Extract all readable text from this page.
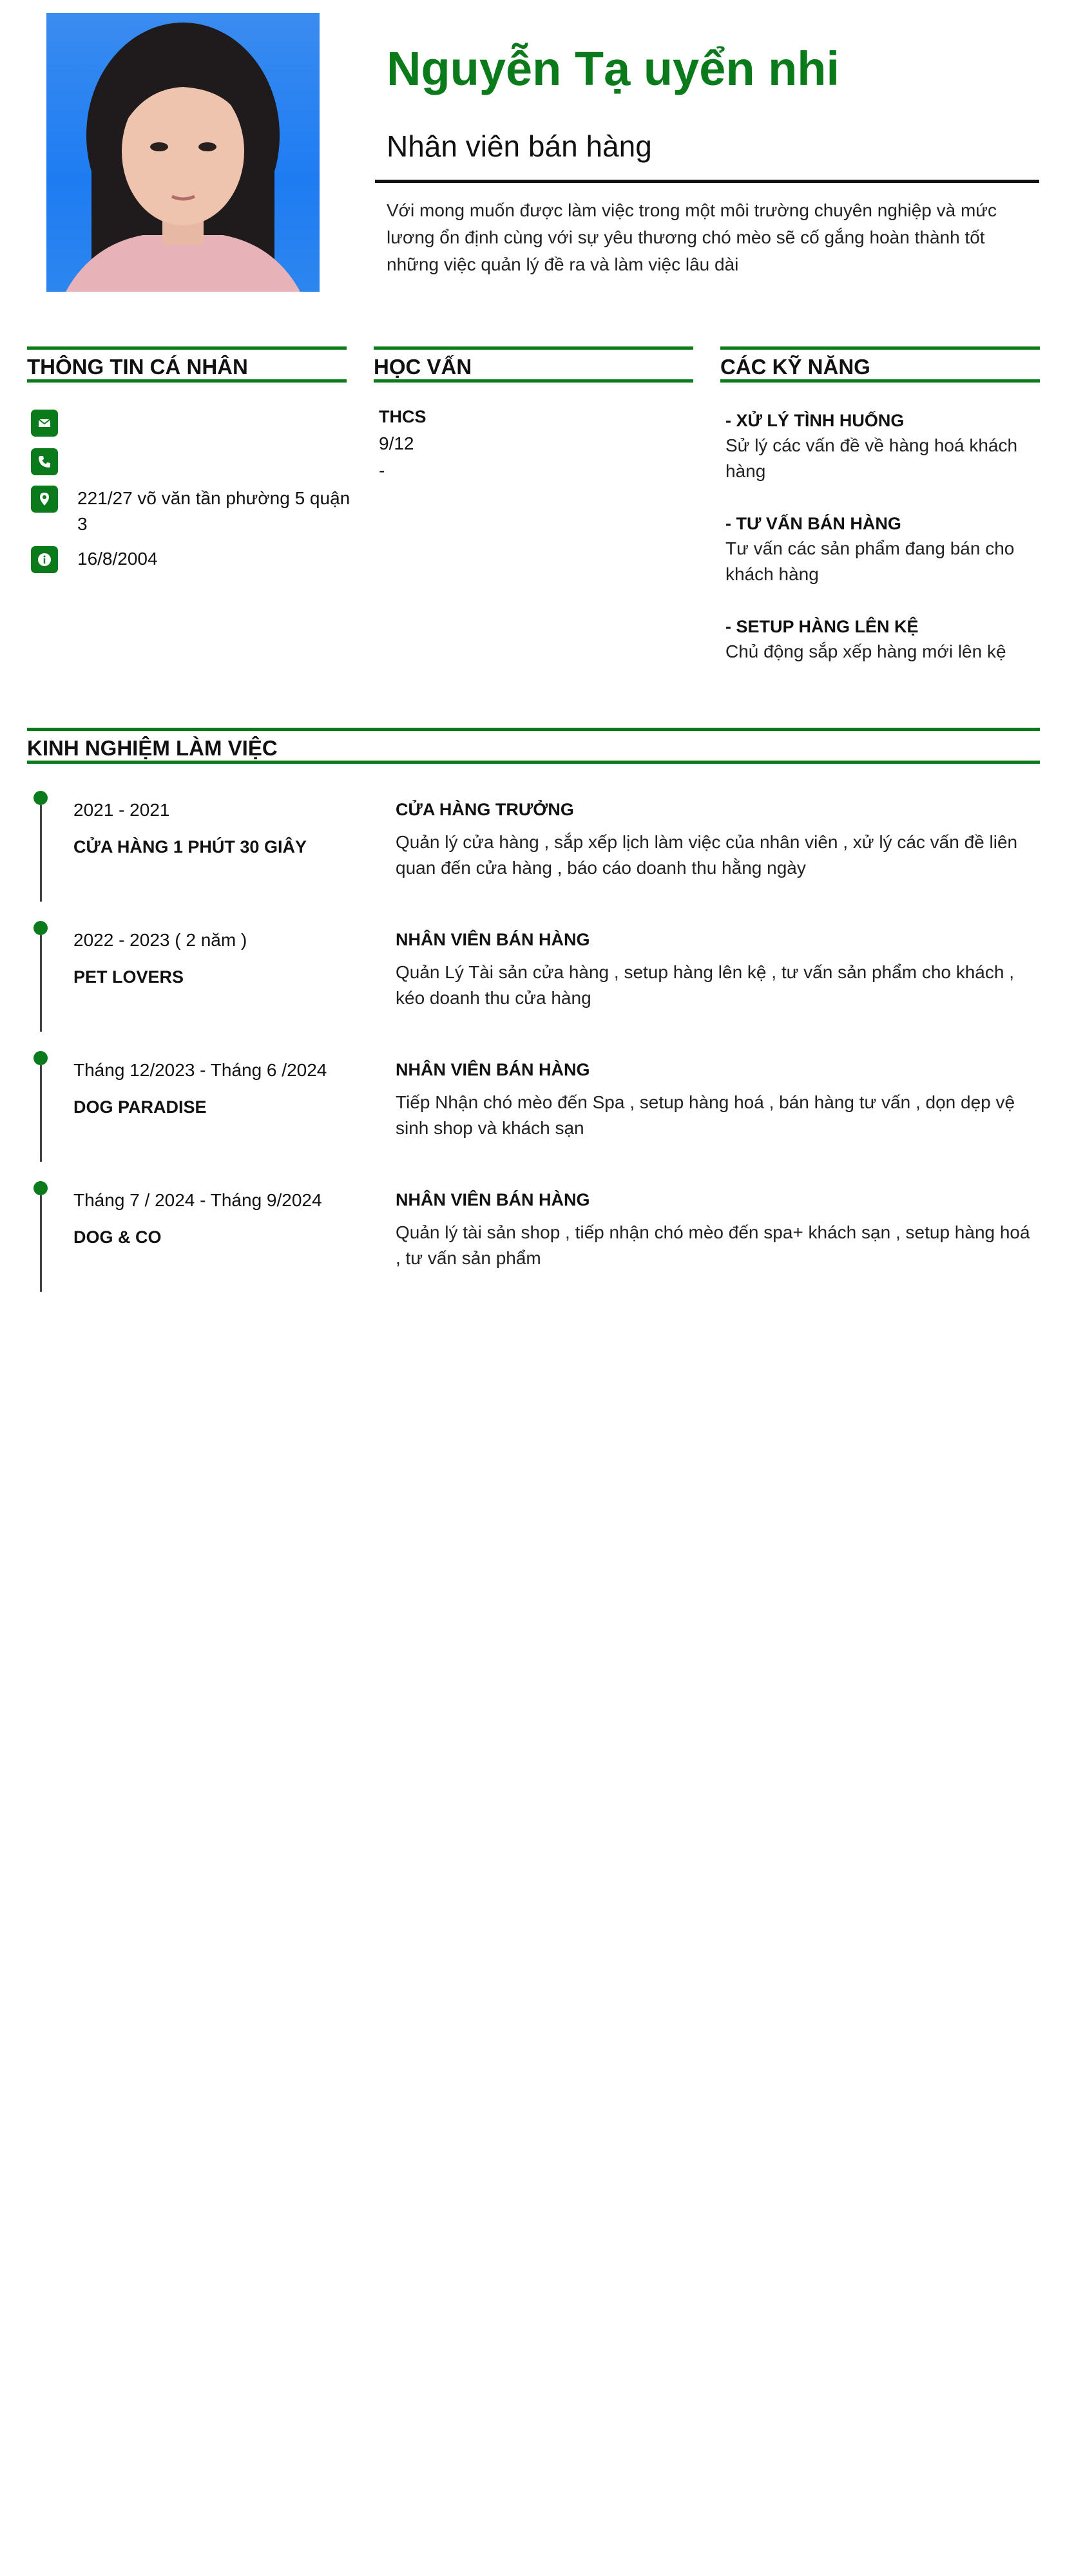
Nguyễn Tạ uyển nhi
Nhân viên bán hàng
Với mong muốn được làm việc trong một môi trường chuyên nghiệp và mức lương ổn định cùng với sự yêu thương chó mèo sẽ cố gắng hoàn thành tốt những việc quản lý đề ra và làm việc lâu dài
THÔNG TIN CÁ NHÂN
221/27 võ văn tần phường 5 quận 3
16/8/2004
HỌC VẤN
THCS
9/12
-
CÁC KỸ NĂNG
- XỬ LÝ TÌNH HUỐNG
Sử lý các vấn đề về hàng hoá khách hàng
- TƯ VẤN BÁN HÀNG
Tư vấn các sản phẩm đang bán cho khách hàng
- SETUP HÀNG LÊN KỆ
Chủ động sắp xếp hàng mới lên kệ
KINH NGHIỆM LÀM VIỆC
2021 - 2021
CỬA HÀNG 1 PHÚT 30 GIÂY
CỬA HÀNG TRƯỞNG
Quản lý cửa hàng , sắp xếp lịch làm việc của nhân viên , xử lý các vấn đề liên quan đến cửa hàng , báo cáo doanh thu hằng ngày
2022 - 2023 ( 2 năm )
PET LOVERS
NHÂN VIÊN BÁN HÀNG
Quản Lý Tài sản cửa hàng , setup hàng lên kệ , tư vấn sản phẩm cho khách , kéo doanh thu cửa hàng
Tháng 12/2023 - Tháng 6 /2024
DOG PARADISE
NHÂN VIÊN BÁN HÀNG
Tiếp Nhận chó mèo đến Spa , setup hàng hoá , bán hàng tư vấn , dọn dẹp vệ sinh shop và khách sạn
Tháng 7 / 2024 - Tháng 9/2024
DOG & CO
NHÂN VIÊN BÁN HÀNG
Quản lý tài sản shop , tiếp nhận chó mèo đến spa+ khách sạn , setup hàng hoá , tư vấn sản phẩm
